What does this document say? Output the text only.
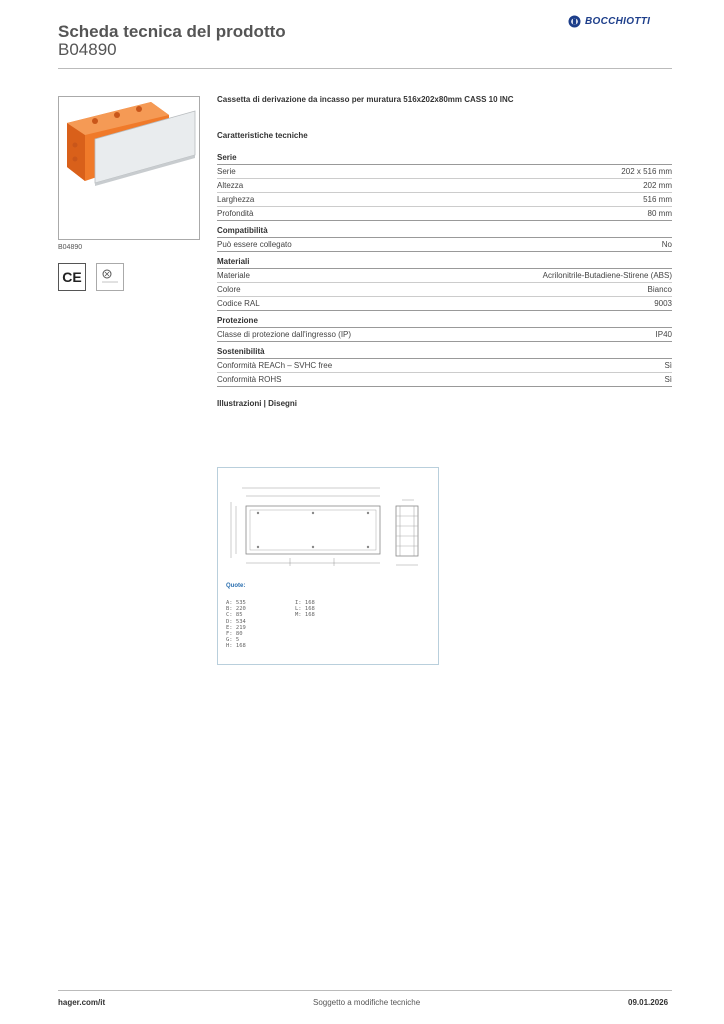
Scheda tecnica del prodotto
B04890
BOCCHIOTTI
B04890
CE
Cassetta di derivazione da incasso per muratura 516x202x80mm CASS 10 INC
Caratteristiche tecniche
Serie
Serie	202 x 516 mm
Altezza	202 mm
Larghezza	516 mm
Profondità	80 mm
Compatibilità
Può essere collegato	No
Materiali
Materiale	Acrilonitrile-Butadiene-Stirene (ABS)
Colore	Bianco
Codice RAL	9003
Protezione
Classe di protezione dall'ingresso (IP)	IP40
Sostenibilità
Conformità REACh – SVHC free	Sì
Conformità ROHS	Sì
Illustrazioni | Disegni
Quote:
A: 535
B: 220
C: 85
D: 534
E: 219
F: 80
G: 5
H: 168
I: 168
L: 168
M: 168
hager.com/it	Soggetto a modifiche tecniche	09.01.2026
